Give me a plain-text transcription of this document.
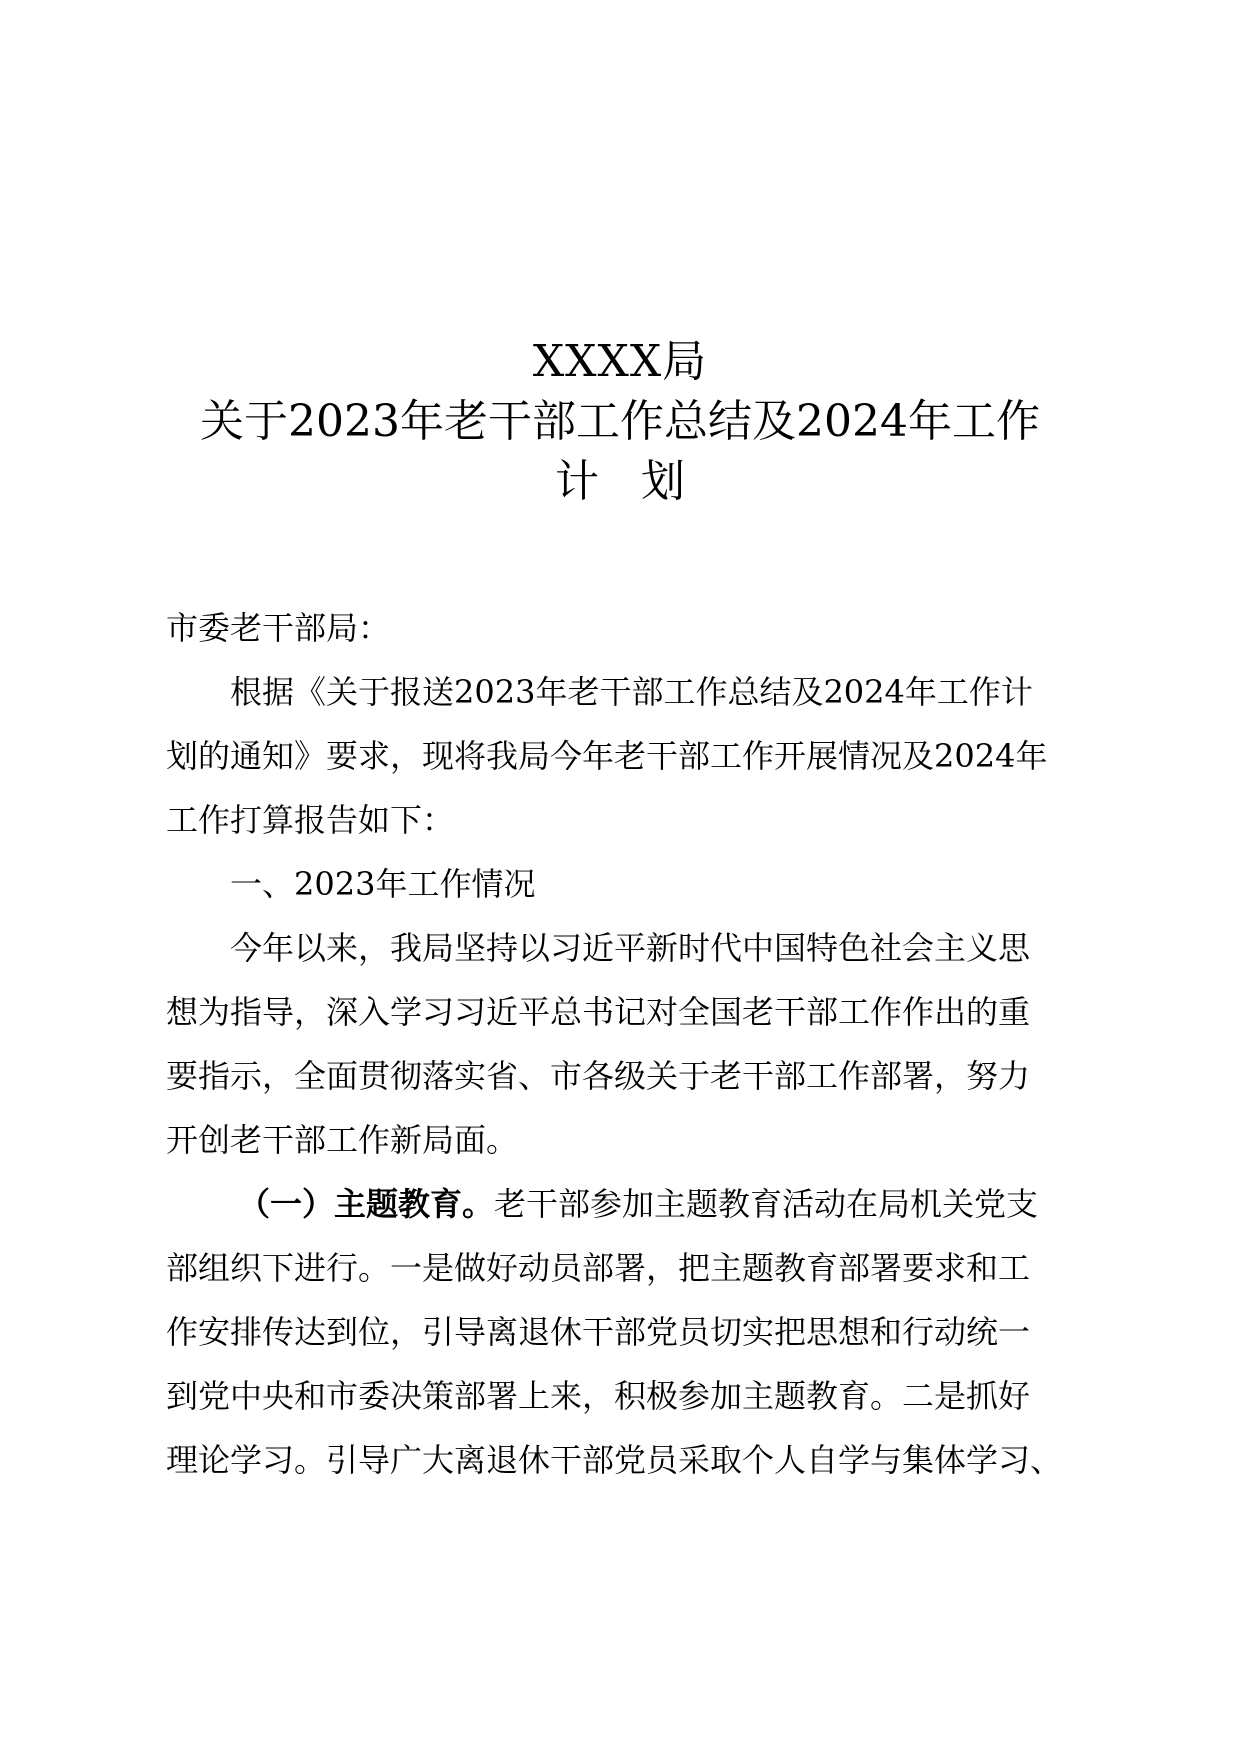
XXXX局
关于2023年老干部工作总结及2024年工作
计 划
市委老干部局：
根据《关于报送2023年老干部工作总结及2024年工作计
划的通知》要求，现将我局今年老干部工作开展情况及2024年
工作打算报告如下：
一、2023年工作情况
今年以来，我局坚持以习近平新时代中国特色社会主义思
想为指导，深入学习习近平总书记对全国老干部工作作出的重
要指示，全面贯彻落实省、市各级关于老干部工作部署，努力
开创老干部工作新局面。
（一）主题教育。老干部参加主题教育活动在局机关党支
部组织下进行。一是做好动员部署，把主题教育部署要求和工
作安排传达到位，引导离退休干部党员切实把思想和行动统一
到党中央和市委决策部署上来，积极参加主题教育。二是抓好
理论学习。引导广大离退休干部党员采取个人自学与集体学习、
